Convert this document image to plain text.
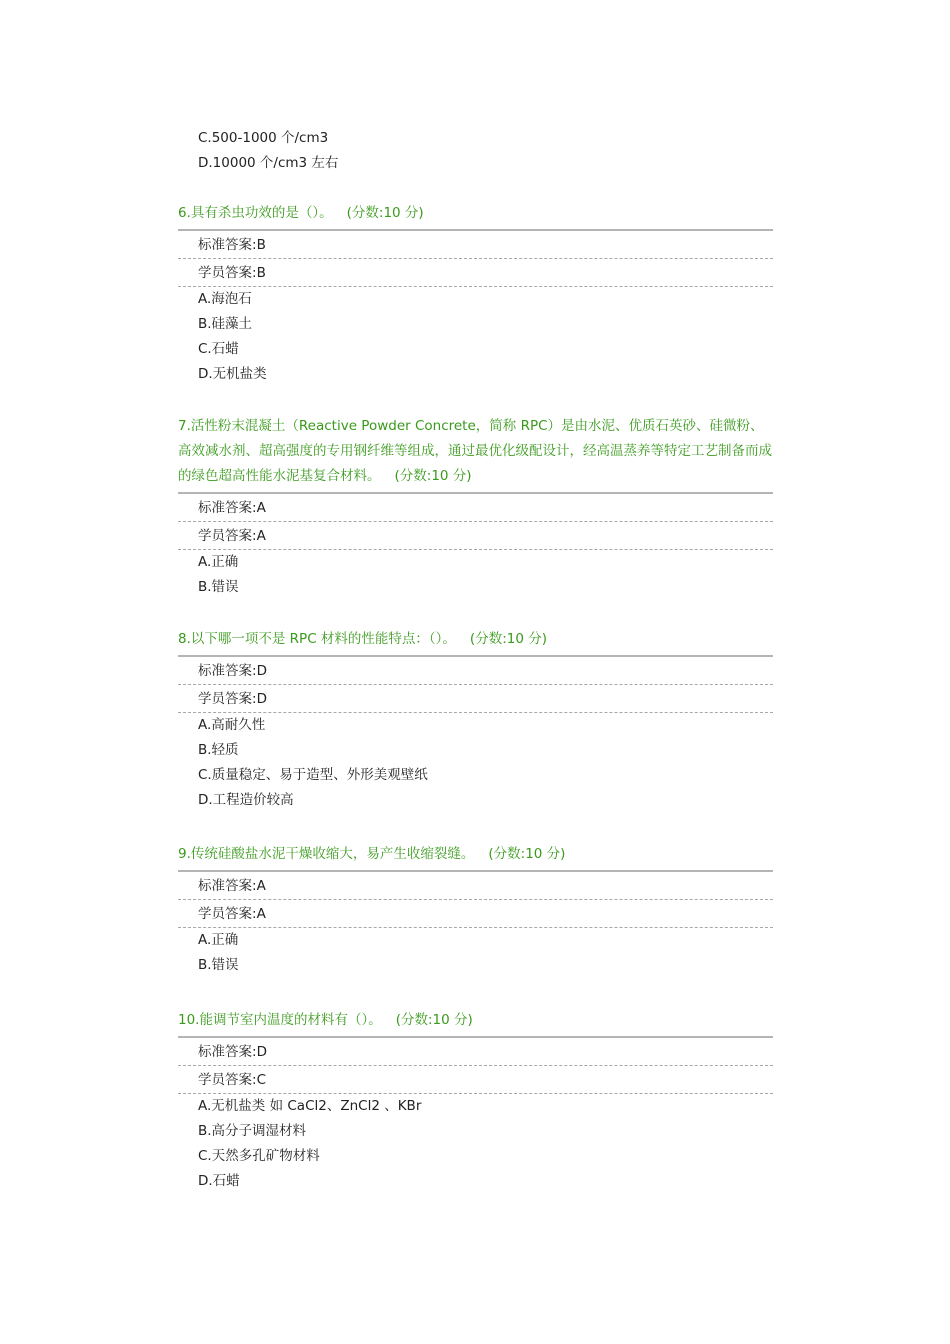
C.500-1000 个/cm3
D.10000 个/cm3 左右
6.具有杀虫功效的是（）。 (分数:10 分)
标准答案:B
学员答案:B
A.海泡石
B.硅藻土
C.石蜡
D.无机盐类
7.活性粉末混凝土（Reactive Powder Concrete，简称 RPC）是由水泥、优质石英砂、硅微粉、高效减水剂、超高强度的专用钢纤维等组成，通过最优化级配设计，经高温蒸养等特定工艺制备而成的绿色超高性能水泥基复合材料。 (分数:10 分)
标准答案:A
学员答案:A
A.正确
B.错误
8.以下哪一项不是 RPC 材料的性能特点：（）。 (分数:10 分)
标准答案:D
学员答案:D
A.高耐久性
B.轻质
C.质量稳定、易于造型、外形美观壁纸
D.工程造价较高
9.传统硅酸盐水泥干燥收缩大，易产生收缩裂缝。 (分数:10 分)
标准答案:A
学员答案:A
A.正确
B.错误
10.能调节室内温度的材料有（）。 (分数:10 分)
标准答案:D
学员答案:C
A.无机盐类 如 CaCl2、ZnCl2 、KBr
B.高分子调湿材料
C.天然多孔矿物材料
D.石蜡
